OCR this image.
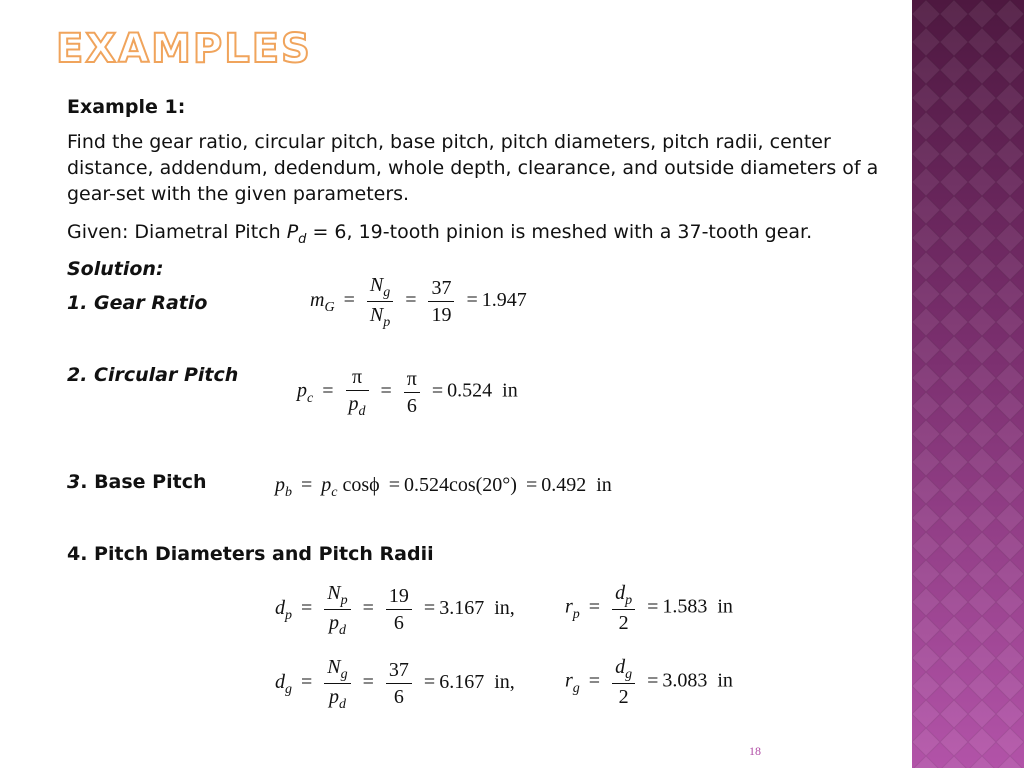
EXAMPLES

Example 1:

Find the gear ratio, circular pitch, base pitch, pitch diameters, pitch radii, center distance, addendum, dedendum, whole depth, clearance, and outside diameters of a gear-set with the given parameters.

Given: Diametral Pitch $P_d = 6$, 19-tooth pinion is meshed with a 37-tooth gear.

Solution:

1. Gear Ratio

2. Circular Pitch

3. Base Pitch

4. Pitch Diameters and Pitch Radii

$m_G = \frac{N_g}{N_p} = \frac{37}{19} = 1.947$
$p_c = \frac{\pi}{p_d} = \frac{\pi}{6} = 0.524$ in
$p_b = p_c$ cosϕ = 0.524cos(20°) = 0.492 in
$d_p = \frac{N_p}{p_d} = \frac{19}{6} = 3.167$ in,	$r_p = \frac{d_p}{2} = 1.583$ in
$d_g = \frac{N_g}{p_d} = \frac{37}{6} = 6.167$ in,	$r_g = \frac{d_g}{2} = 3.083$ in
18
